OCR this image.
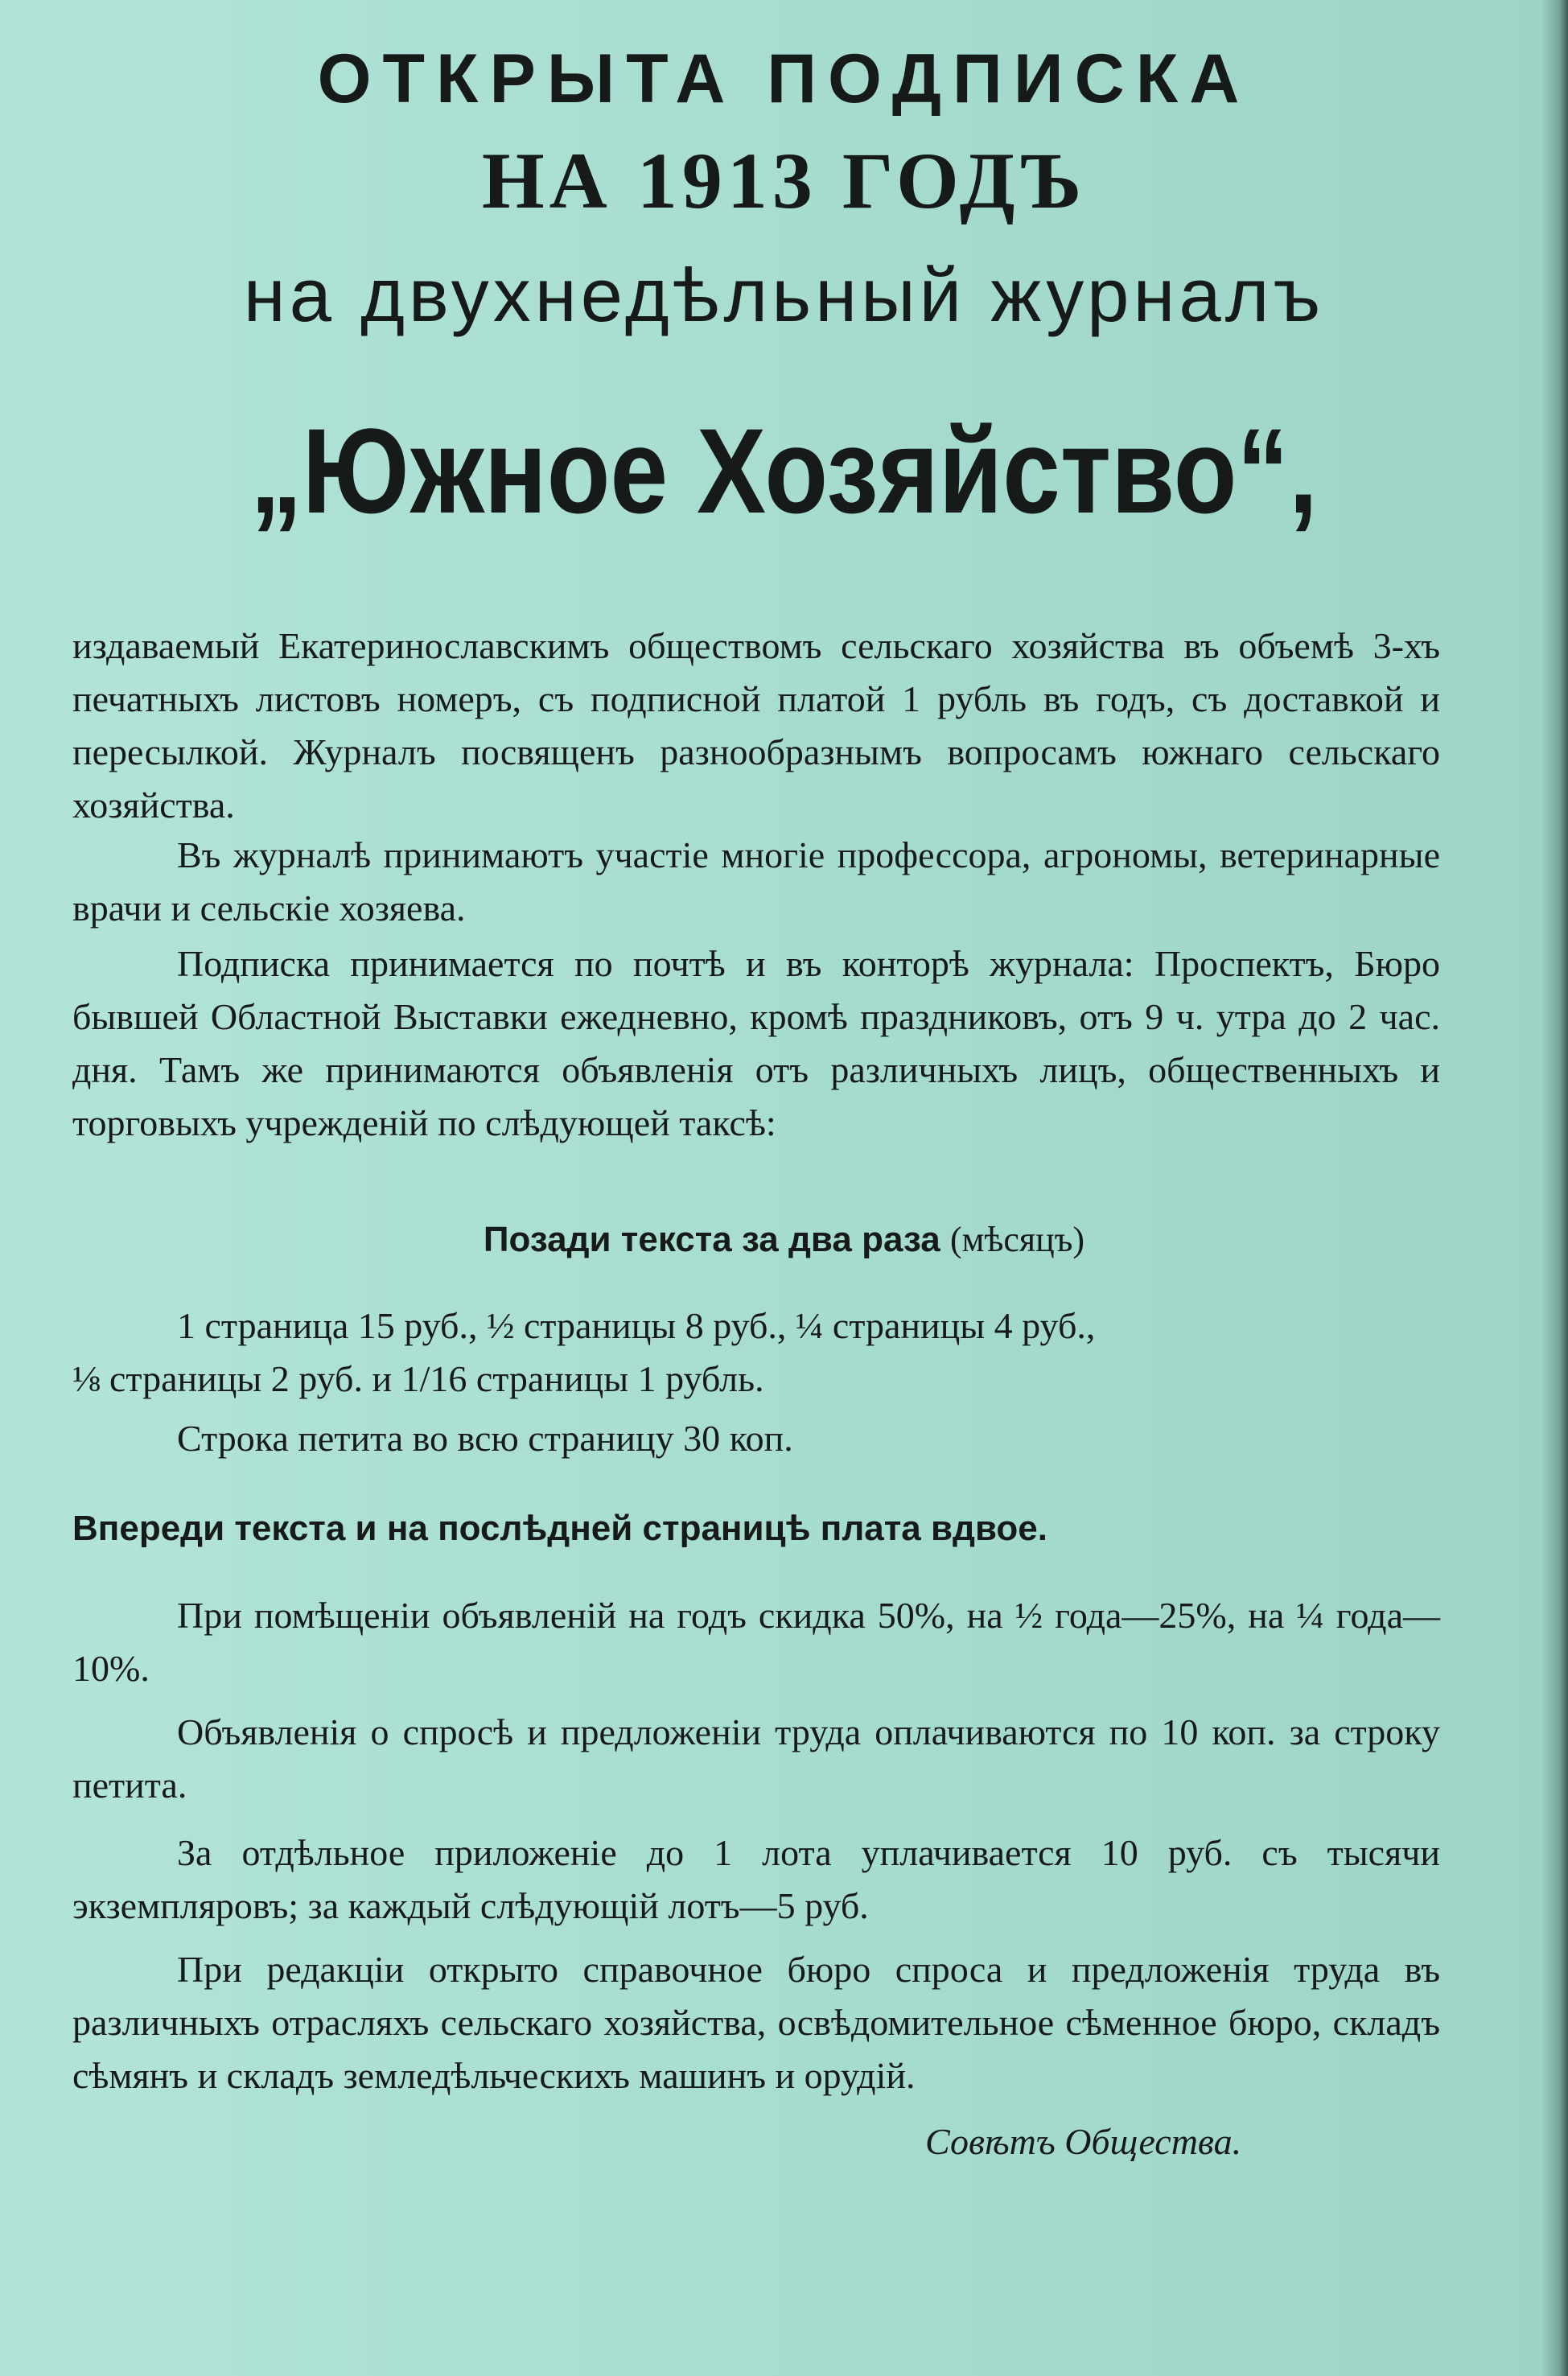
ОТКРЫТА ПОДПИСКА
НА 1913 ГОДЪ
на двухнедѣльный журналъ
„Южное Хозяйство“,

издаваемый Екатеринославскимъ обществомъ сельскаго хозяйства въ объемѣ 3-хъ печатныхъ листовъ номеръ, съ подписной платой 1 рубль въ годъ, съ доставкой и пересылкой. Журналъ посвященъ разнообразнымъ вопросамъ южнаго сельскаго хозяйства.

Въ журналѣ принимаютъ участіе многіе профессора, агрономы, ветеринарные врачи и сельскіе хозяева.

Подписка принимается по почтѣ и въ конторѣ журнала: Проспектъ, Бюро бывшей Областной Выставки ежедневно, кромѣ праздниковъ, отъ 9 ч. утра до 2 час. дня. Тамъ же принимаются объявленія отъ различныхъ лицъ, общественныхъ и торговыхъ учрежденій по слѣдующей таксѣ:

Позади текста за два раза (мѣсяцъ)

1 страница 15 руб., ½ страницы 8 руб., ¼ страницы 4 руб.,

⅛ страницы 2 руб. и 1/16 страницы 1 рубль.

Строка петита во всю страницу 30 коп.

Впереди текста и на послѣдней страницѣ плата вдвое.

При помѣщеніи объявленій на годъ скидка 50%, на ½ года—25%, на ¼ года—10%.

Объявленія о спросѣ и предложеніи труда оплачиваются по 10 коп. за строку петита.

За отдѣльное приложеніе до 1 лота уплачивается 10 руб. съ тысячи экземпляровъ; за каждый слѣдующій лотъ—5 руб.

При редакціи открыто справочное бюро спроса и предложенія труда въ различныхъ отрасляхъ сельскаго хозяйства, освѣдомительное сѣменное бюро, складъ сѣмянъ и складъ земледѣльческихъ машинъ и орудій.

Совѣтъ Общества.
